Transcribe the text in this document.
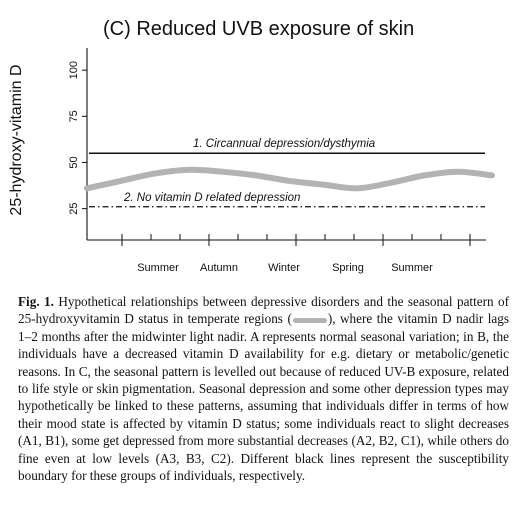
(C) Reduced UVB exposure of skin
25-hydroxy-vitamin D	25
50
75
100
Summer Autumn	Winter	Spring Summer
1. Circannual depression/dysthymia
2. No vitamin D related depression
Fig. 1. Hypothetical relationships between depressive disorders and the seasonal pattern of 25-hydroxyvitamin D status in temperate regions (	), where the vitamin D nadir lags 1–2 months after the midwinter light nadir. A represents normal seasonal variation; in B, the individuals have a decreased vitamin D availability for e.g. dietary or metabolic/genetic reasons. In C, the seasonal pattern is levelled out because of reduced UV-B exposure, related to life style or skin pigmentation. Seasonal depression and some other depression types may hypothetically be linked to these patterns, assuming that individuals differ in terms of how their mood state is affected by vitamin D status; some individuals react to slight decreases (A1, B1), some get depressed from more substantial decreases (A2, B2, C1), while others do fine even at low levels (A3, B3, C2). Different black lines represent the susceptibility boundary for these groups of individuals, respectively.
